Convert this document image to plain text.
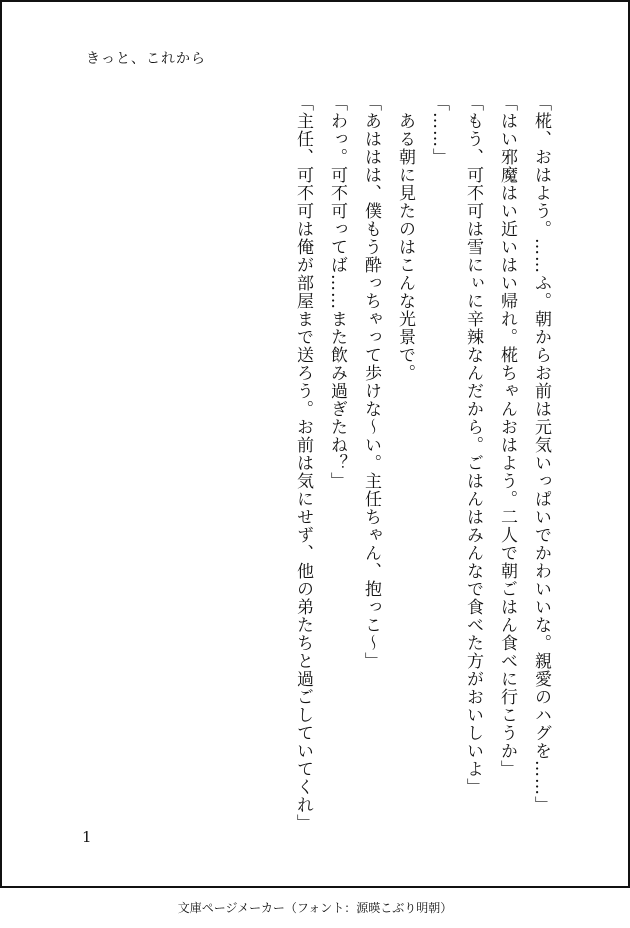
きっと、これから

「椛、おはよう。……ふ。朝からお前は元気いっぱいでかわいいな。親愛のハグを……」

「はい邪魔はい近いはい帰れ。椛ちゃんおはよう。二人で朝ごはん食べに行こうか」

「もう、可不可は雪にぃに辛辣なんだから。ごはんはみんなで食べた方がおいしいよ」

「……」

　ある朝に見たのはこんな光景で。

「あははは、僕もう酔っちゃって歩けな～い。主任ちゃん、抱っこ～」

「わっ。可不可ってば……また飲み過ぎたね？」

「主任、可不可は俺が部屋まで送ろう。お前は気にせず、他の弟たちと過ごしていてくれ」

1
文庫ページメーカー（フォント：源暎こぶり明朝）
